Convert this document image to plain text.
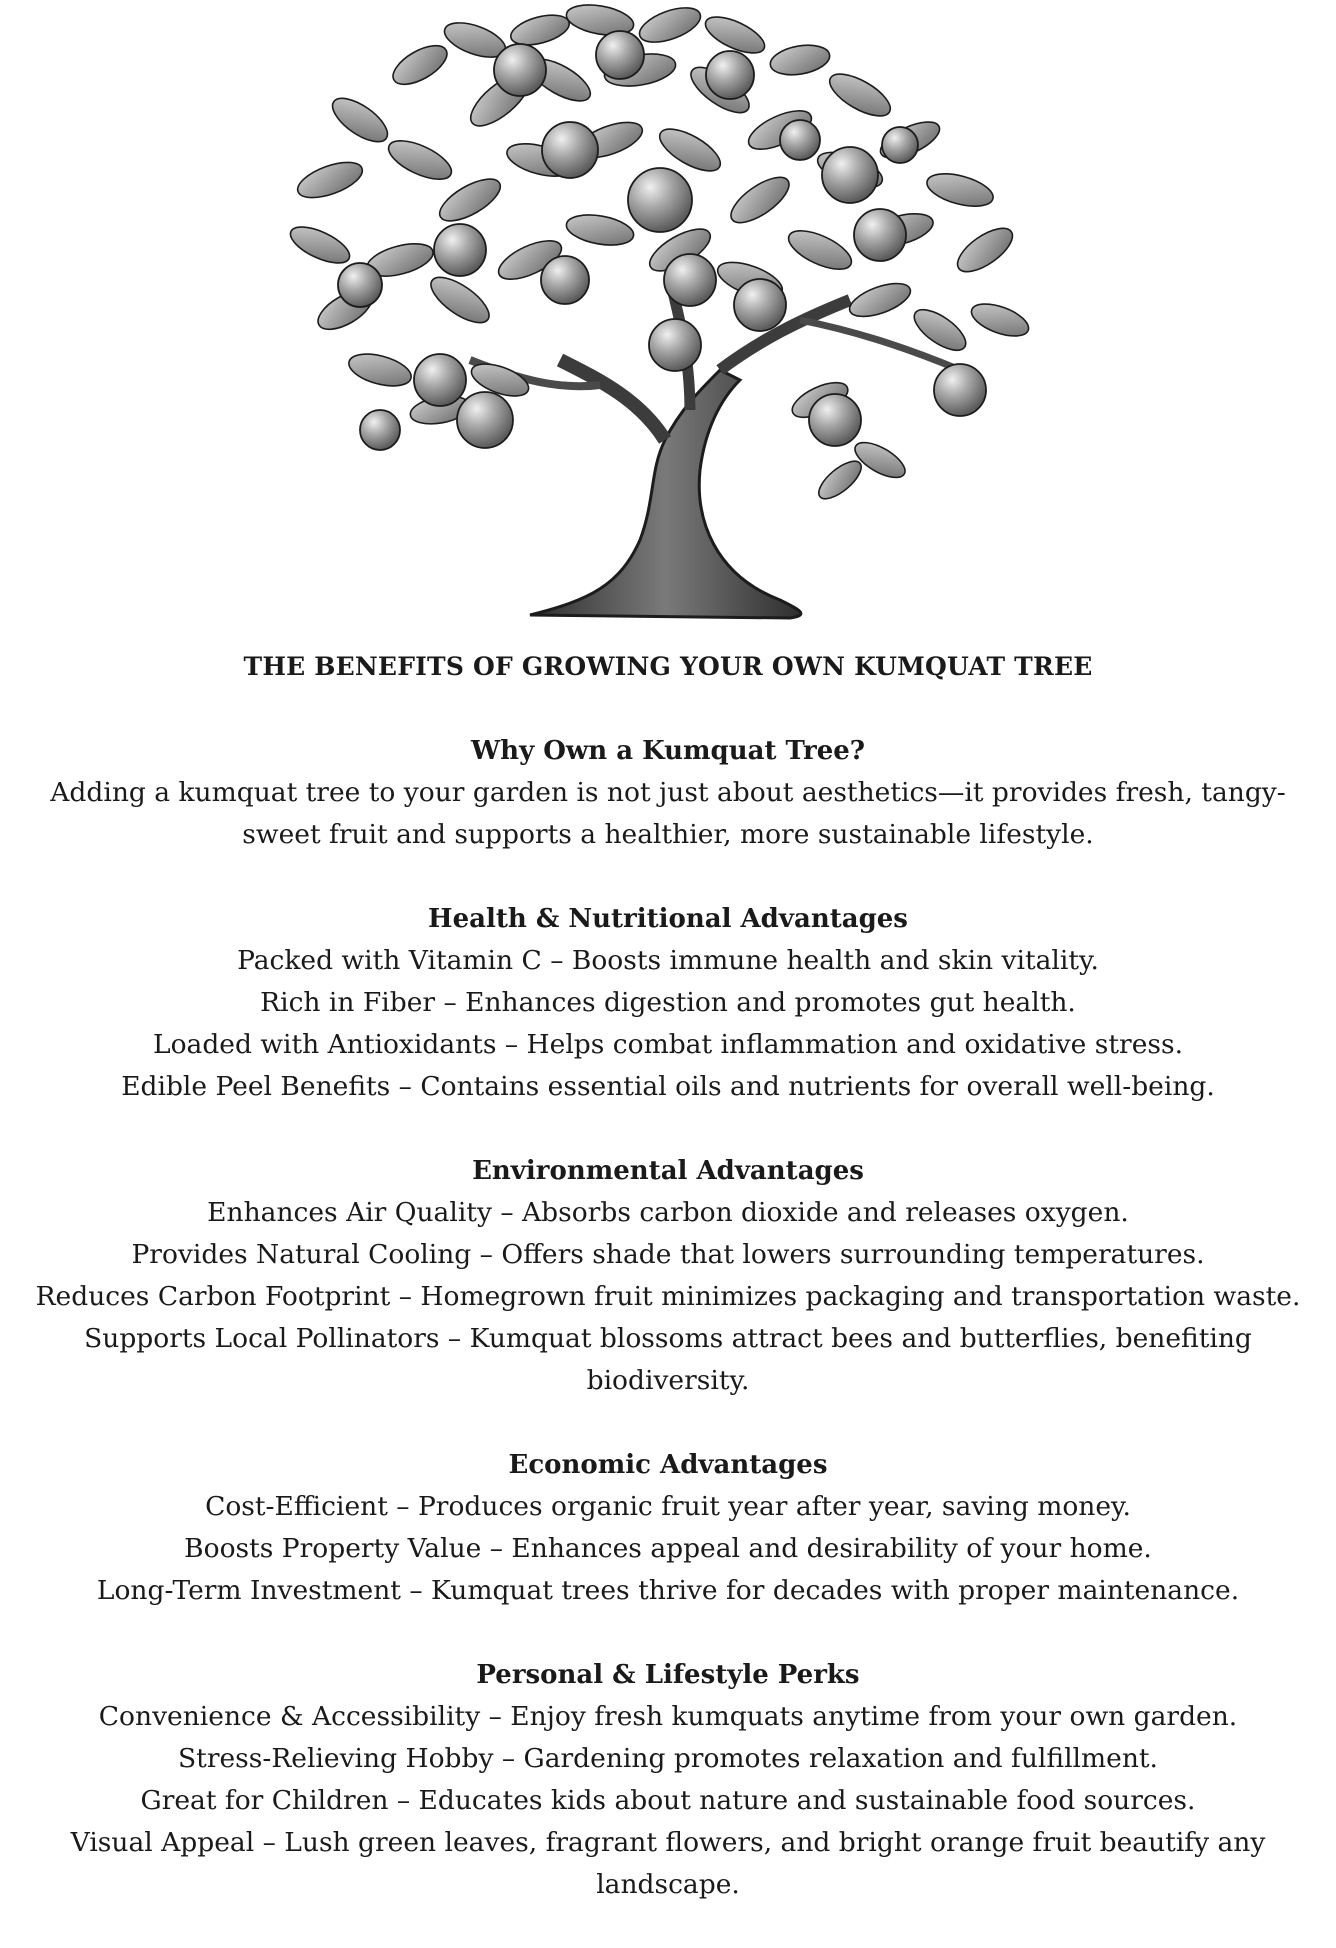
THE BENEFITS OF GROWING YOUR OWN KUMQUAT TREE
Why Own a Kumquat Tree?

Adding a kumquat tree to your garden is not just about aesthetics—it provides fresh, tangy-

sweet fruit and supports a healthier, more sustainable lifestyle.

Health & Nutritional Advantages

Packed with Vitamin C – Boosts immune health and skin vitality.

Rich in Fiber – Enhances digestion and promotes gut health.

Loaded with Antioxidants – Helps combat inflammation and oxidative stress.

Edible Peel Benefits – Contains essential oils and nutrients for overall well-being.

Environmental Advantages

Enhances Air Quality – Absorbs carbon dioxide and releases oxygen.

Provides Natural Cooling – Offers shade that lowers surrounding temperatures.

Reduces Carbon Footprint – Homegrown fruit minimizes packaging and transportation waste.

Supports Local Pollinators – Kumquat blossoms attract bees and butterflies, benefiting

biodiversity.

Economic Advantages

Cost-Efficient – Produces organic fruit year after year, saving money.

Boosts Property Value – Enhances appeal and desirability of your home.

Long-Term Investment – Kumquat trees thrive for decades with proper maintenance.

Personal & Lifestyle Perks

Convenience & Accessibility – Enjoy fresh kumquats anytime from your own garden.

Stress-Relieving Hobby – Gardening promotes relaxation and fulfillment.

Great for Children – Educates kids about nature and sustainable food sources.

Visual Appeal – Lush green leaves, fragrant flowers, and bright orange fruit beautify any

landscape.
